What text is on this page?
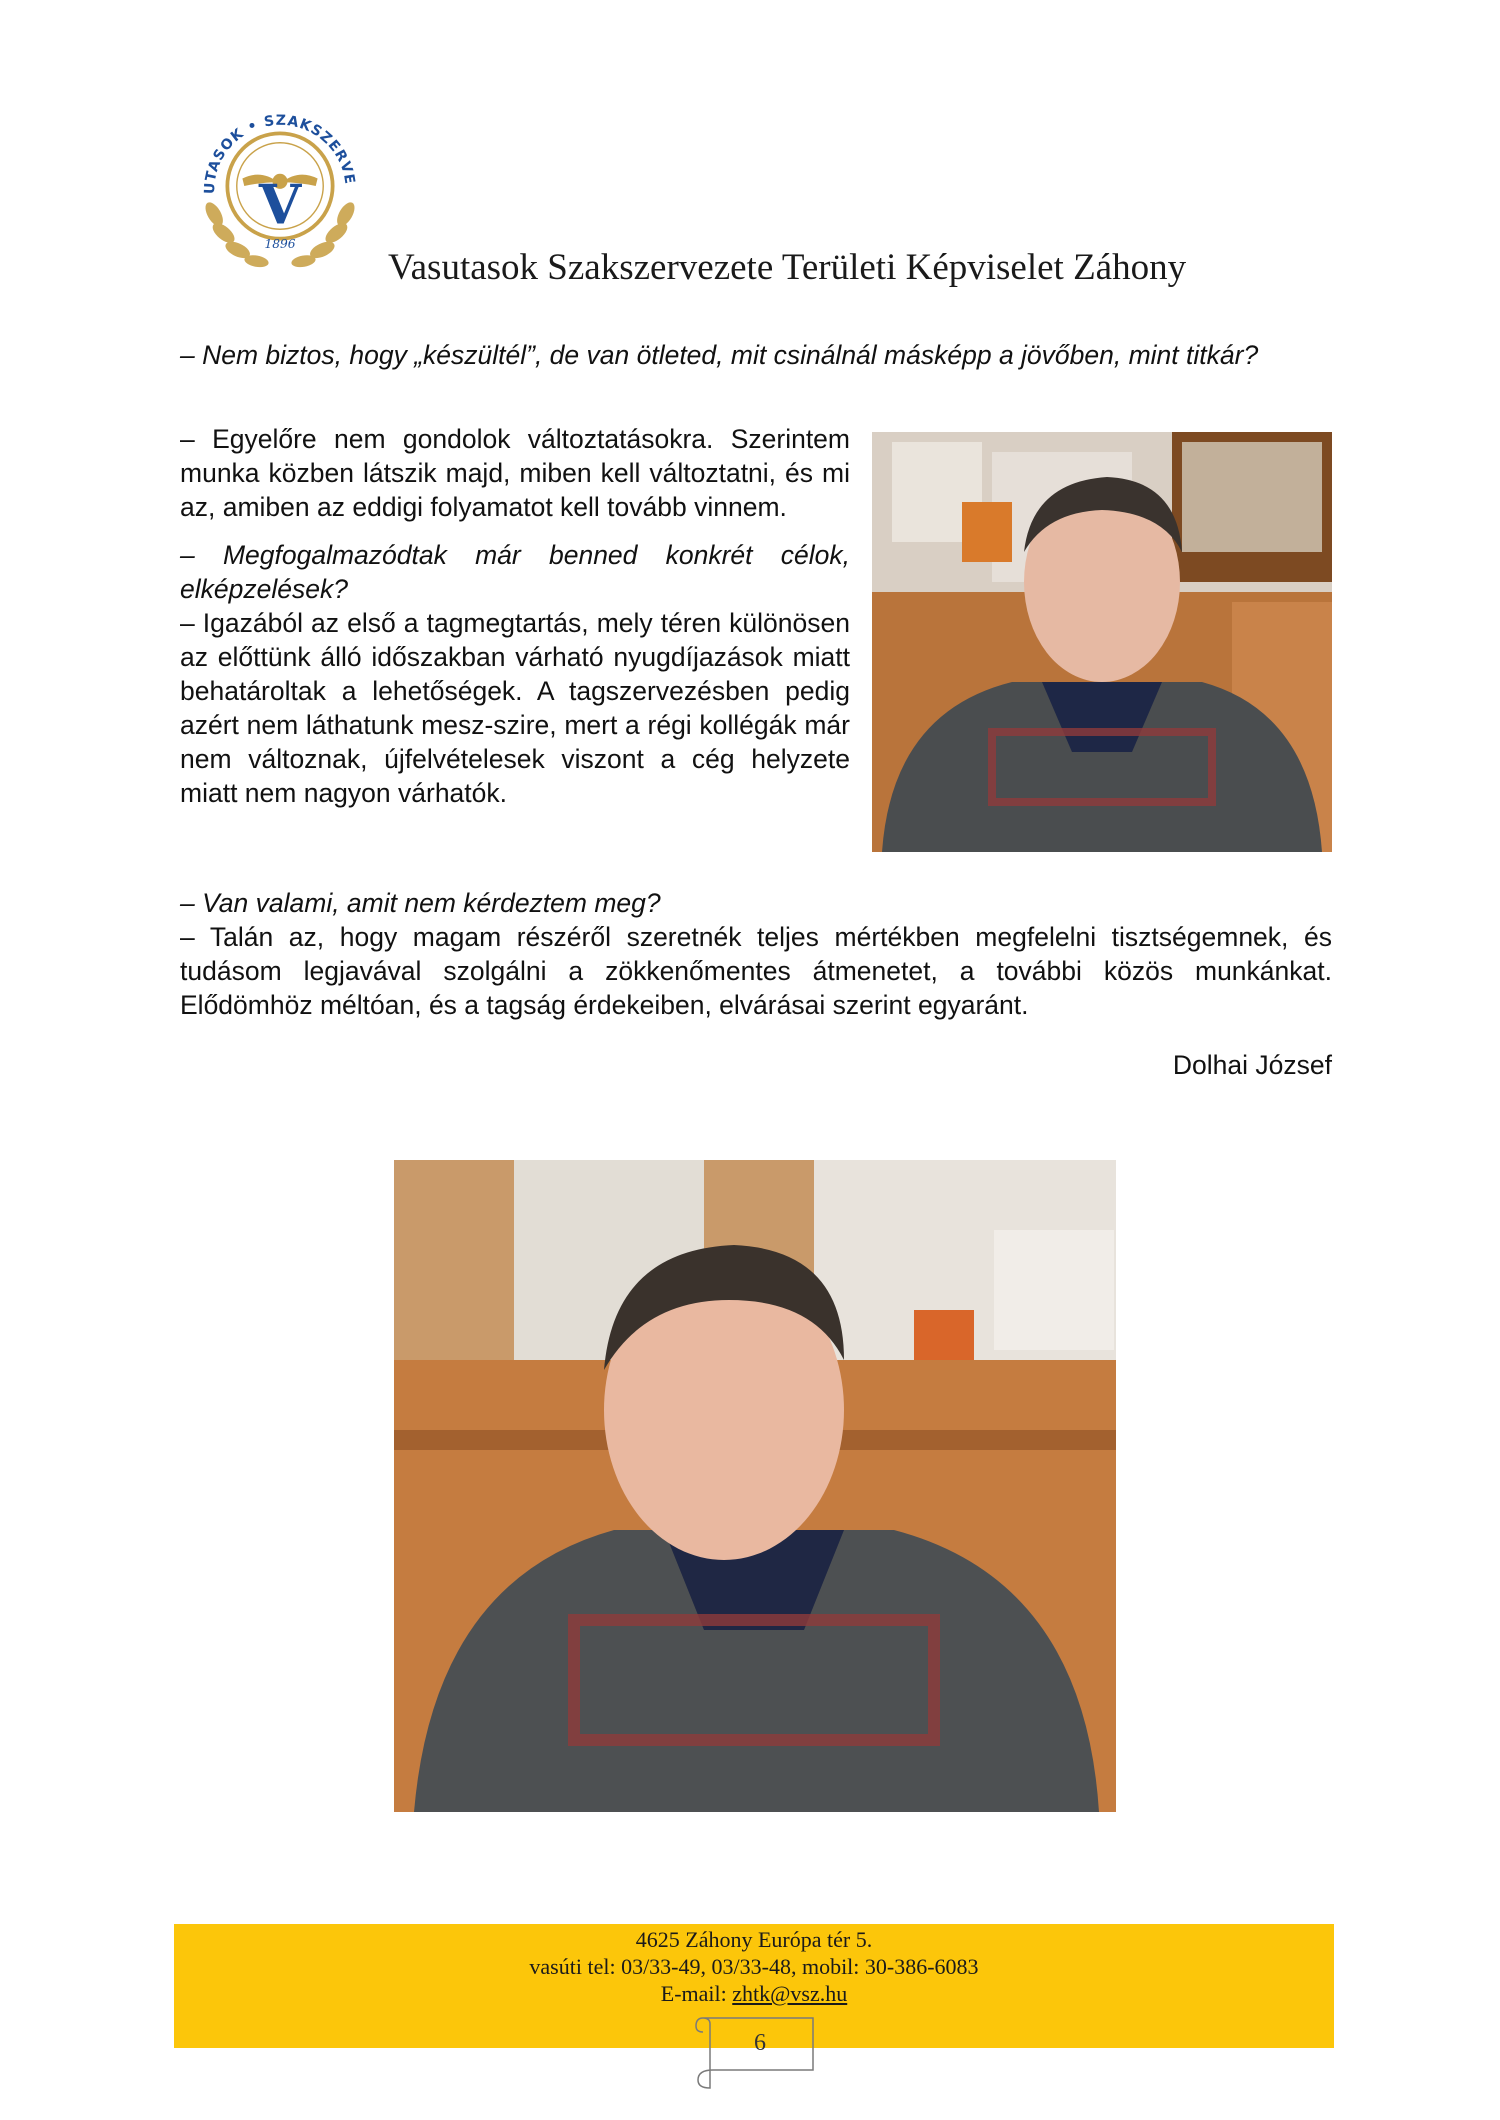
UTASOK • SZAKSZERVE
V
1896
Vasutasok Szakszervezete Területi Képviselet Záhony

– Nem biztos, hogy „készültél”, de van ötleted, mit csinálnál másképp a jövőben, mint titkár?

– Egyelőre nem gondolok változtatásokra. Szerintem munka közben látszik majd, miben kell változtatni, és mi az, amiben az eddigi folyamatot kell tovább vinnem.

– Megfogalmazódtak már benned konkrét célok, elképzelések?

– Igazából az első a tagmegtartás, mely téren különösen az előttünk álló időszakban várható nyugdíjazások miatt behatároltak a lehetőségek. A tagszervezésben pedig azért nem láthatunk mesz-szire, mert a régi kollégák már nem változnak, újfelvételesek viszont a cég helyzete miatt nem nagyon várhatók.

– Van valami, amit nem kérdeztem meg?

– Talán az, hogy magam részéről szeretnék teljes mértékben megfelelni tisztségemnek, és tudásom legjavával szolgálni a zökkenőmentes átmenetet, a további közös munkánkat. Elődömhöz méltóan, és a tagság érdekeiben, elvárásai szerint egyaránt.

Dolhai József
4625 Záhony Európa tér 5.
vasúti tel: 03/33-49, 03/33-48, mobil: 30-386-6083
E-mail: zhtk@vsz.hu
6
